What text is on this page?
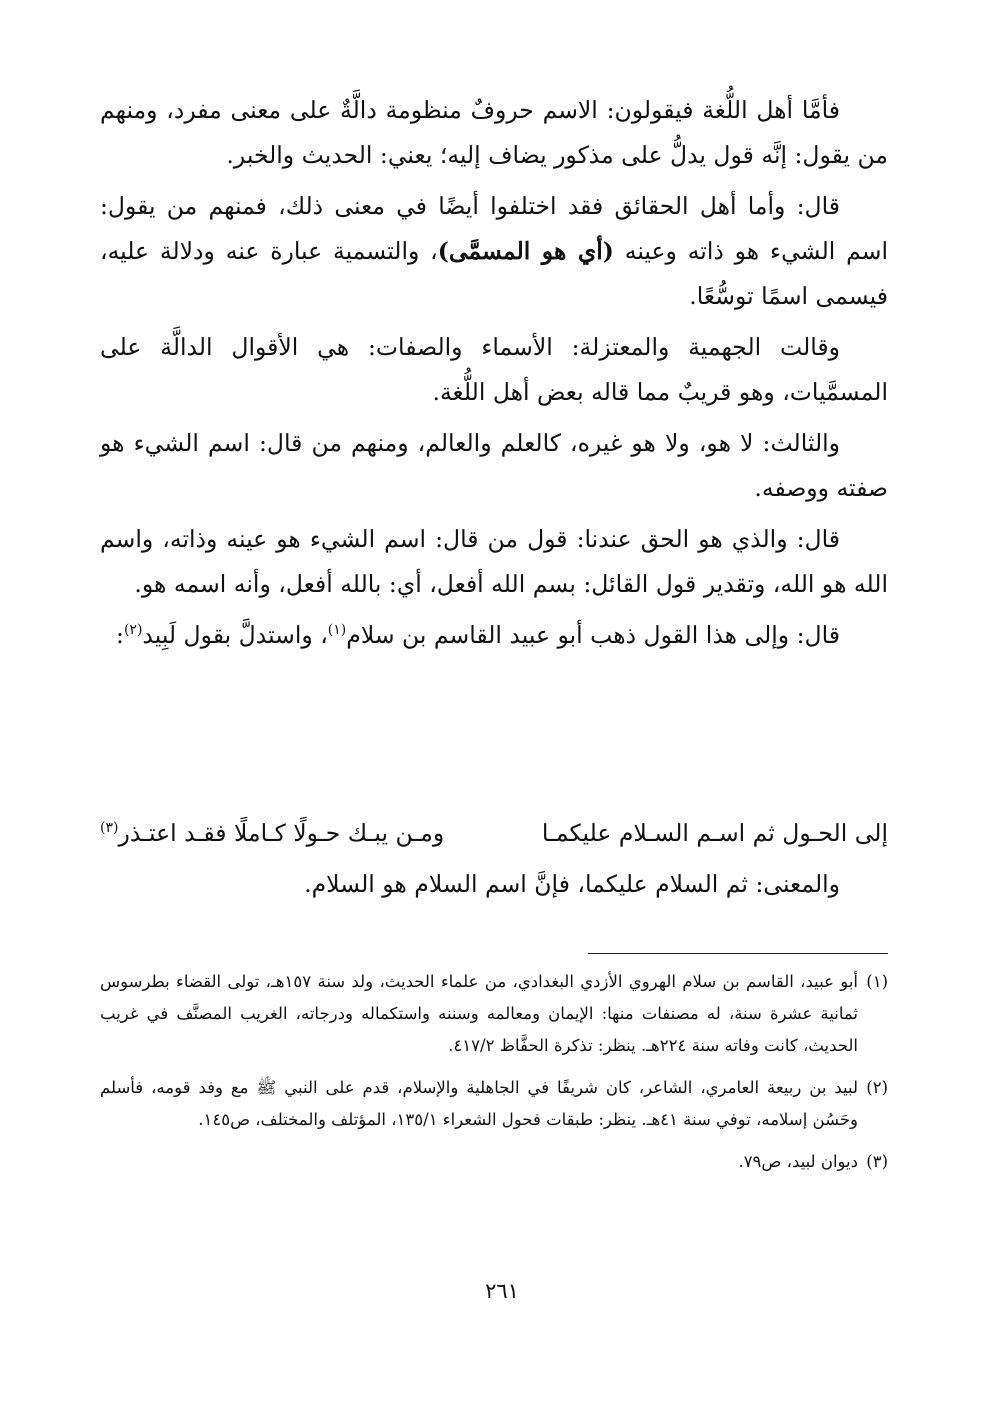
فأمَّا أهل اللُّغة فيقولون: الاسم حروفٌ منظومة دالَّةٌ على معنى مفرد، ومنهم من يقول: إنَّه قول يدلُّ على مذكور يضاف إليه؛ يعني: الحديث والخبر.

قال: وأما أهل الحقائق فقد اختلفوا أيضًا في معنى ذلك، فمنهم من يقول: اسم الشيء هو ذاته وعينه (أي هو المسمَّى)، والتسمية عبارة عنه ودلالة عليه، فيسمى اسمًا توسُّعًا.

وقالت الجهمية والمعتزلة: الأسماء والصفات: هي الأقوال الدالَّة على المسمَّيات، وهو قريبٌ مما قاله بعض أهل اللُّغة.

والثالث: لا هو، ولا هو غيره، كالعلم والعالم، ومنهم من قال: اسم الشيء هو صفته ووصفه.

قال: والذي هو الحق عندنا: قول من قال: اسم الشيء هو عينه وذاته، واسم الله هو الله، وتقدير قول القائل: بسم الله أفعل، أي: بالله أفعل، وأنه اسمه هو.

قال: وإلى هذا القول ذهب أبو عبيد القاسم بن سلام$^{(١)}$، واستدلَّ بقول لَبِيد$^{(٢)}$:

إلى الحـول ثم اسـم السـلام عليكمـا
ومـن يبـك حـولًا كـاملًا فقـد اعتـذر$^{(٣)}$
والمعنى: ثم السلام عليكما، فإنَّ اسم السلام هو السلام.

(١)أبو عبيد، القاسم بن سلام الهروي الأزدي البغدادي، من علماء الحديث، ولد سنة ١٥٧هـ، تولى القضاء بطرسوس ثمانية عشرة سنة، له مصنفات منها: الإيمان ومعالمه وسننه واستكماله ودرجاته، الغريب المصنَّف في غريب الحديث، كانت وفاته سنة ٢٢٤هـ. ينظر: تذكرة الحفَّاظ ٤١٧/٢.

(٢)لبيد بن ربيعة العامري، الشاعر، كان شريفًا في الجاهلية والإسلام، قدم على النبي ﷺ مع وفد قومه، فأسلم وحَسُن إسلامه، توفي سنة ٤١هـ. ينظر: طبقات فحول الشعراء ١٣٥/١، المؤتلف والمختلف، ص١٤٥.

(٣)ديوان لبيد، ص٧٩.

٢٦١
